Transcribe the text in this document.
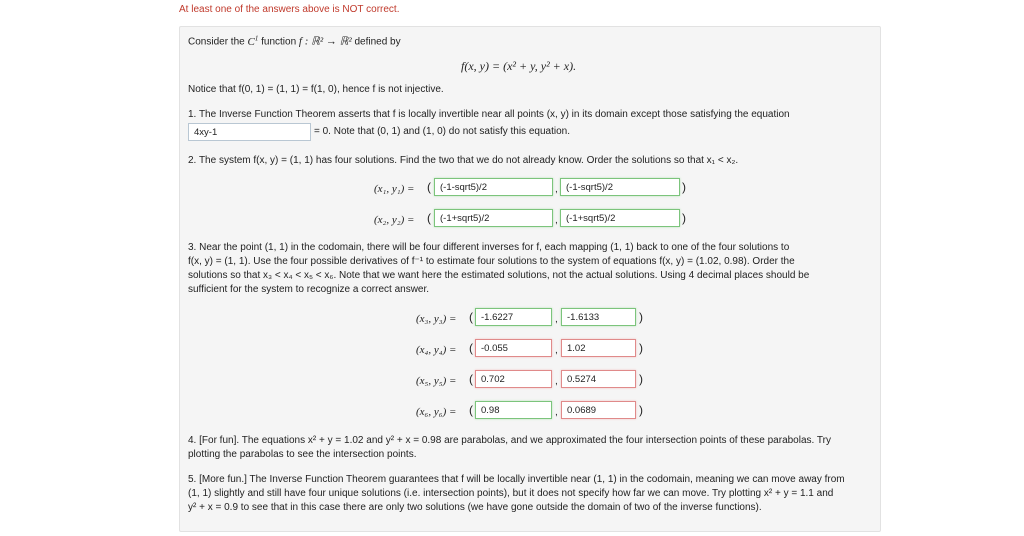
At least one of the answers above is NOT correct.
Consider the $C^1$ function f : ℝ² → ℝ² defined by
f(x, y) = (x² + y, y² + x).
Notice that f(0, 1) = (1, 1) = f(1, 0), hence f is not injective.
1. The Inverse Function Theorem asserts that f is locally invertible near all points (x, y) in its domain except those satisfying the equation
4xy-1	= 0. Note that (0, 1) and (1, 0) do not satisfy this equation.
2. The system f(x, y) = (1, 1) has four solutions. Find the two that we do not already know. Order the solutions so that x₁ < x₂.
(x₁, y₁) = ( (-1-sqrt5)/2	, (-1-sqrt5)/2	)
(x₂, y₂) = ( (-1+sqrt5)/2	, (-1+sqrt5)/2	)
3. Near the point (1, 1) in the codomain, there will be four different inverses for f, each mapping (1, 1) back to one of the four solutions to
f(x, y) = (1, 1). Use the four possible derivatives of f⁻¹ to estimate four solutions to the system of equations f(x, y) = (1.02, 0.98). Order the
solutions so that x₃ < x₄ < x₅ < x₆. Note that we want here the estimated solutions, not the actual solutions. Using 4 decimal places should be
sufficient for the system to recognize a correct answer.
(x₃, y₃) = ( -1.6227	, -1.6133	)
(x₄, y₄) = ( -0.055	, 1.02	)
(x₅, y₅) = ( 0.702	, 0.5274	)
(x₆, y₆) = ( 0.98	, 0.0689	)
4. [For fun]. The equations x² + y = 1.02 and y² + x = 0.98 are parabolas, and we approximated the four intersection points of these parabolas. Try
plotting the parabolas to see the intersection points.
5. [More fun.] The Inverse Function Theorem guarantees that f will be locally invertible near (1, 1) in the codomain, meaning we can move away from
(1, 1) slightly and still have four unique solutions (i.e. intersection points), but it does not specify how far we can move. Try plotting x² + y = 1.1 and
y² + x = 0.9 to see that in this case there are only two solutions (we have gone outside the domain of two of the inverse functions).
